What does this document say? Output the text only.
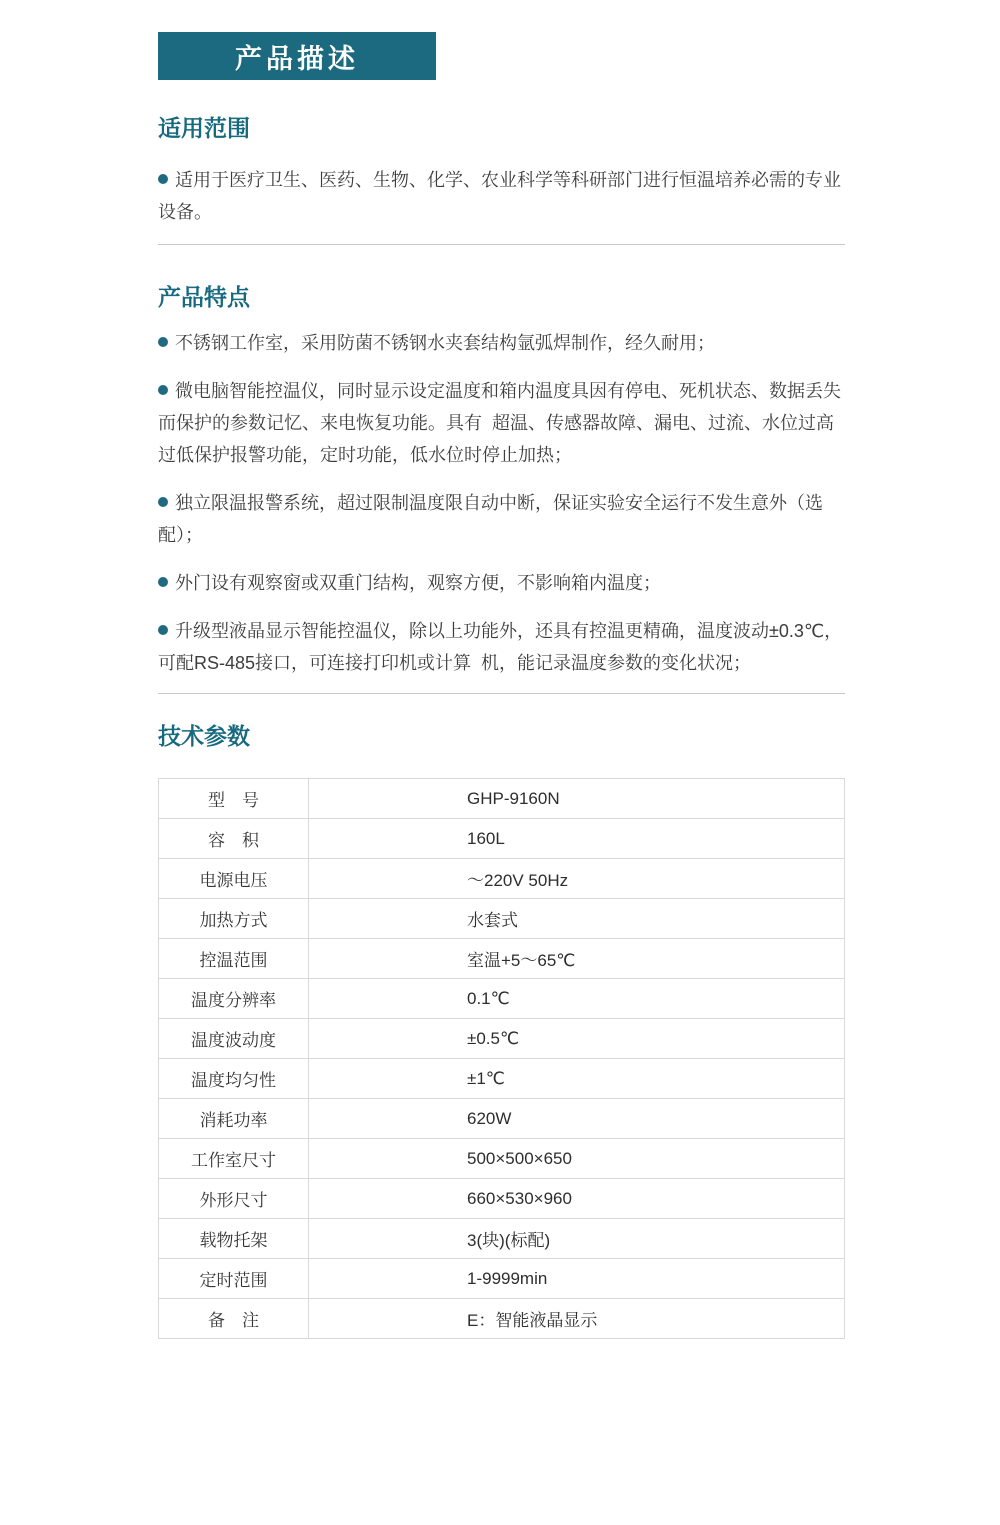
产品描述
适用范围

适用于医疗卫生、医药、生物、化学、农业科学等科研部门进行恒温培养必需的专业设备。

产品特点

不锈钢工作室，采用防菌不锈钢水夹套结构氩弧焊制作，经久耐用；

微电脑智能控温仪，同时显示设定温度和箱内温度具因有停电、死机状态、数据丢失而保护的参数记忆、来电恢复功能。具有  超温、传感器故障、漏电、过流、水位过高过低保护报警功能，定时功能，低水位时停止加热；

独立限温报警系统，超过限制温度限自动中断，保证实验安全运行不发生意外（选配）；

外门设有观察窗或双重门结构，观察方便，不影响箱内温度；

升级型液晶显示智能控温仪，除以上功能外，还具有控温更精确，温度波动±0.3℃，可配RS-485接口，可连接打印机或计算  机，能记录温度参数的变化状况；

技术参数
型　号	GHP-9160N
容　积	160L
电源电压	～220V 50Hz
加热方式	水套式
控温范围	室温+5～65℃
温度分辨率	0.1℃
温度波动度	±0.5℃
温度均匀性	±1℃
消耗功率	620W
工作室尺寸	500×500×650
外形尺寸	660×530×960
载物托架	3(块)(标配)
定时范围	1-9999min
备　注	E：智能液晶显示
